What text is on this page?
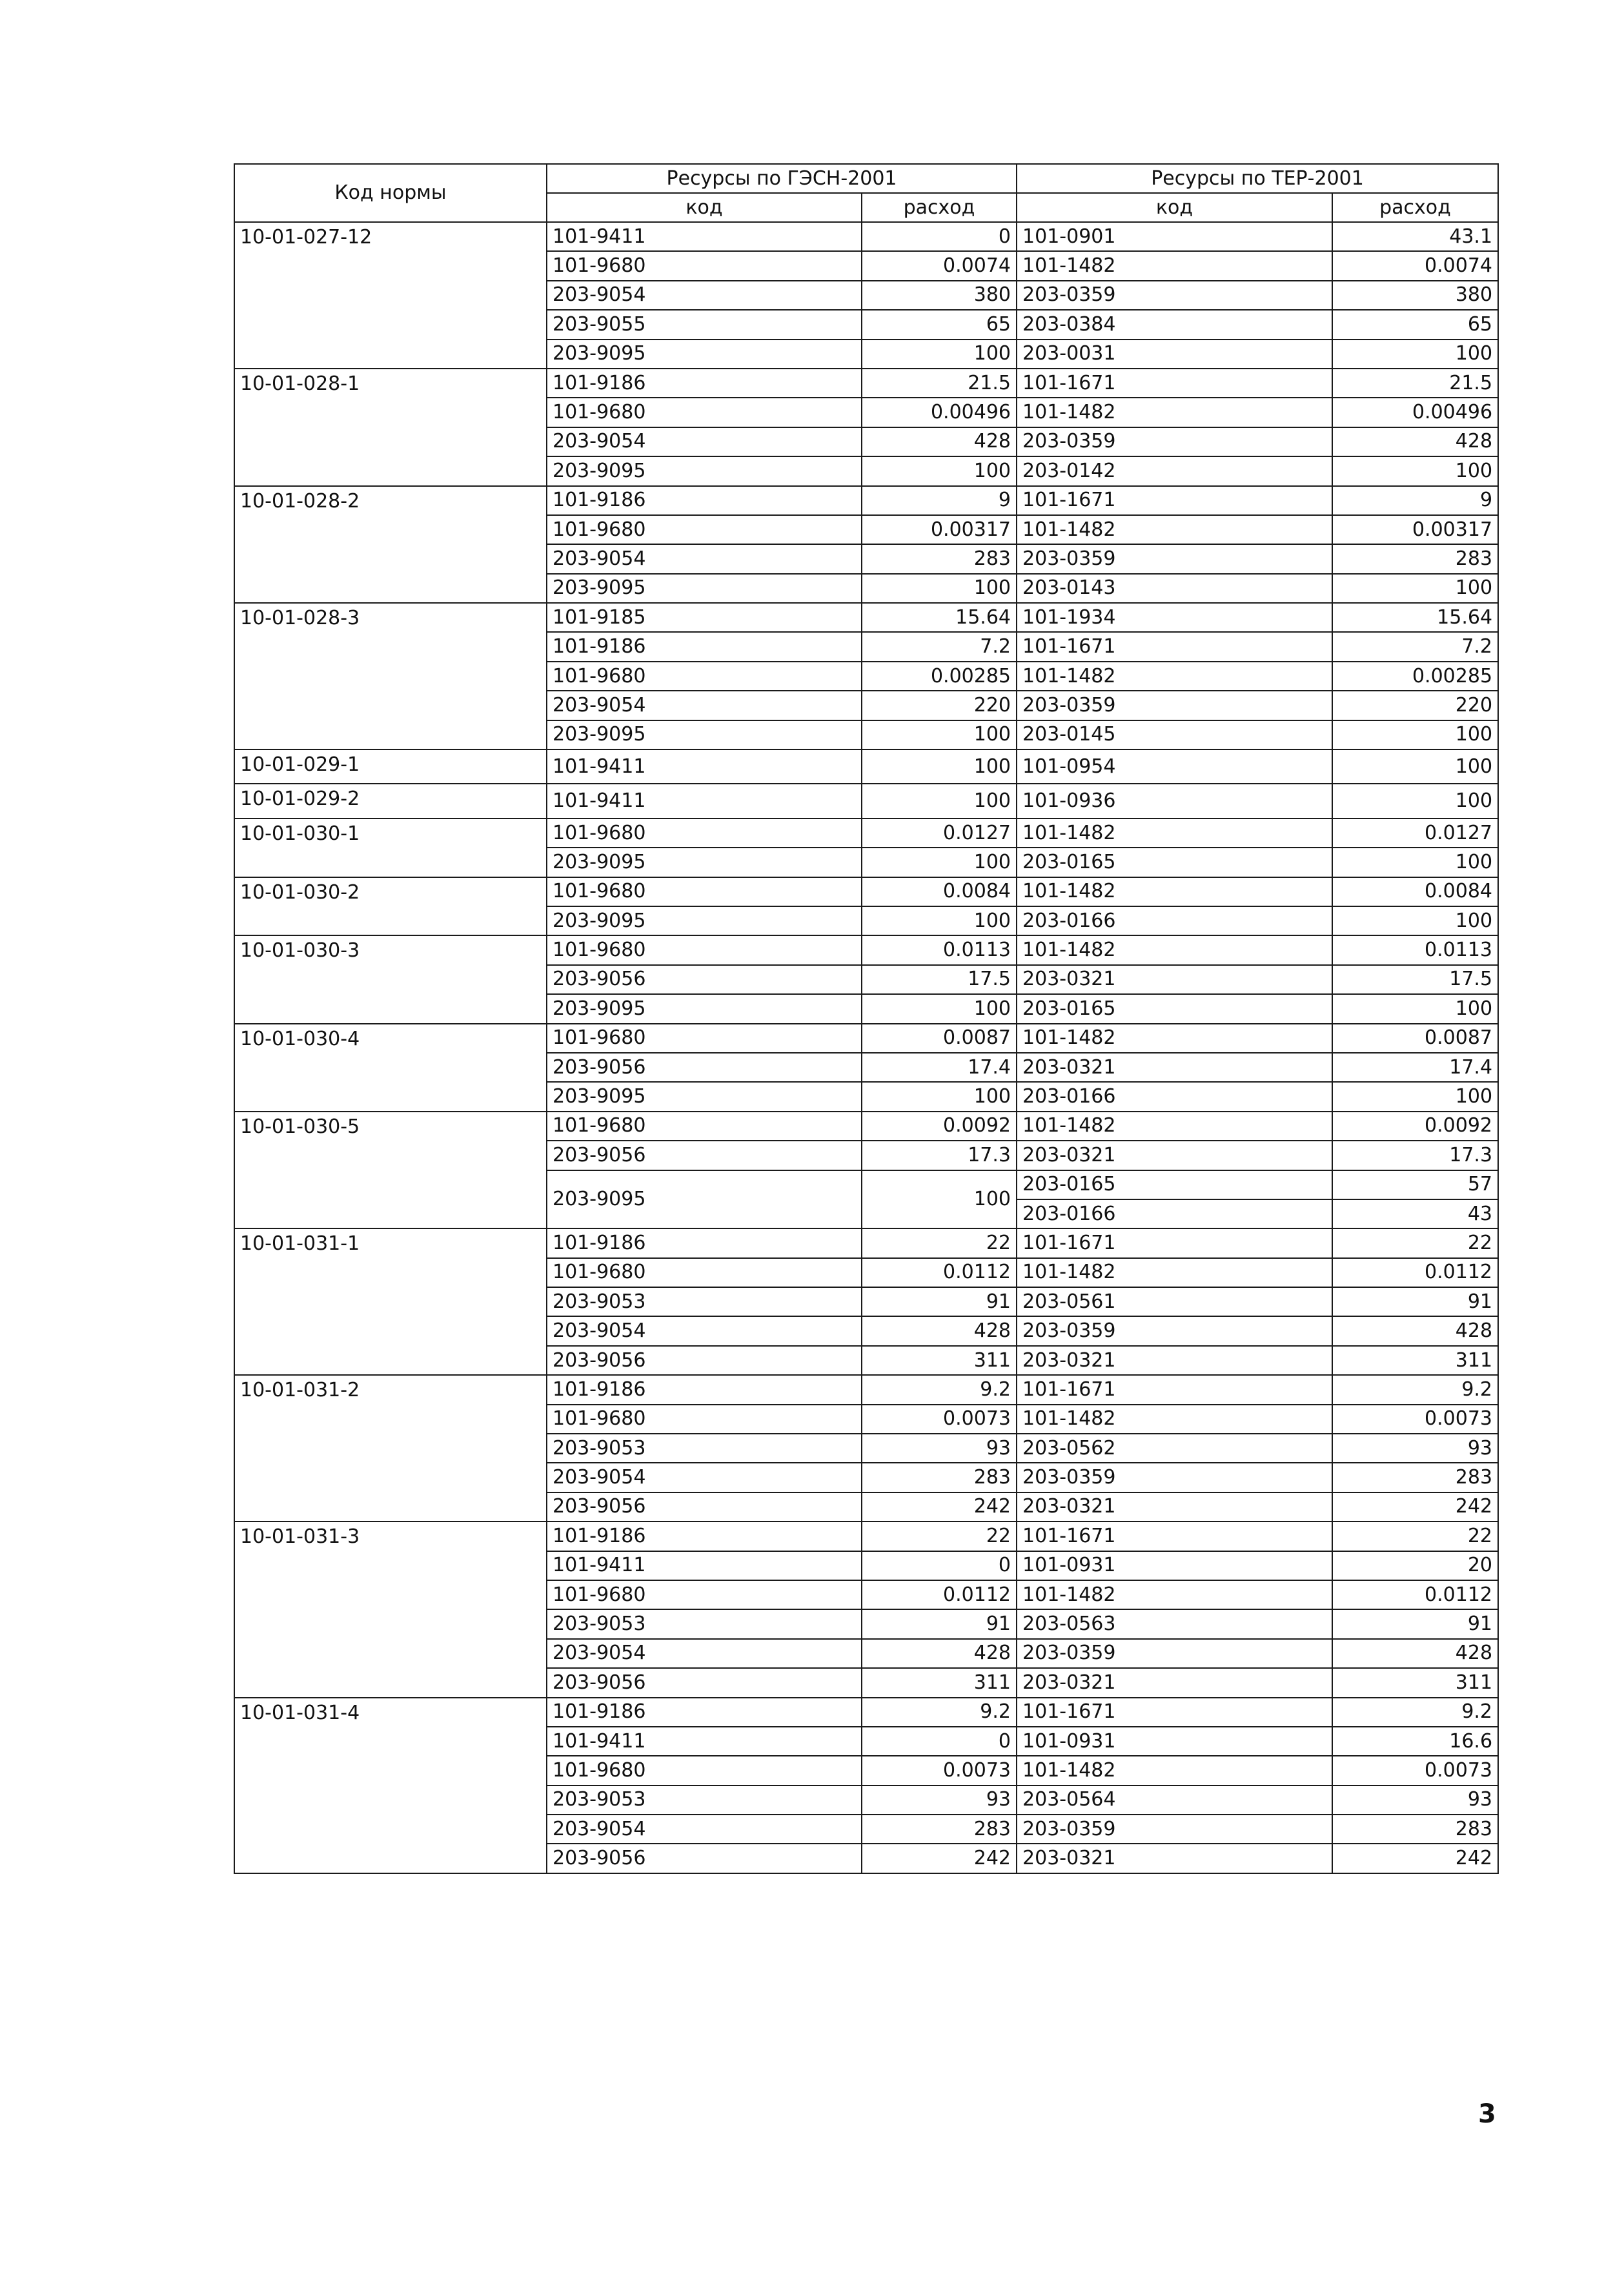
Код нормы	Ресурсы по ГЭСН-2001		Ресурсы по ТЕР-2001	
	код	расход	код	расход
10-01-027-12	101-9411	0	101-0901	43.1
	101-9680	0.0074	101-1482	0.0074
	203-9054	380	203-0359	380
	203-9055	65	203-0384	65
	203-9095	100	203-0031	100
10-01-028-1	101-9186	21.5	101-1671	21.5
	101-9680	0.00496	101-1482	0.00496
	203-9054	428	203-0359	428
	203-9095	100	203-0142	100
10-01-028-2	101-9186	9	101-1671	9
	101-9680	0.00317	101-1482	0.00317
	203-9054	283	203-0359	283
	203-9095	100	203-0143	100
10-01-028-3	101-9185	15.64	101-1934	15.64
	101-9186	7.2	101-1671	7.2
	101-9680	0.00285	101-1482	0.00285
	203-9054	220	203-0359	220
	203-9095	100	203-0145	100
10-01-029-1	101-9411	100	101-0954	100
10-01-029-2	101-9411	100	101-0936	100
10-01-030-1	101-9680	0.0127	101-1482	0.0127
	203-9095	100	203-0165	100
10-01-030-2	101-9680	0.0084	101-1482	0.0084
	203-9095	100	203-0166	100
10-01-030-3	101-9680	0.0113	101-1482	0.0113
	203-9056	17.5	203-0321	17.5
	203-9095	100	203-0165	100
10-01-030-4	101-9680	0.0087	101-1482	0.0087
	203-9056	17.4	203-0321	17.4
	203-9095	100	203-0166	100
10-01-030-5	101-9680	0.0092	101-1482	0.0092
	203-9056	17.3	203-0321	17.3
	203-9095	100	203-0165	57
			203-0166	43
10-01-031-1	101-9186	22	101-1671	22
	101-9680	0.0112	101-1482	0.0112
	203-9053	91	203-0561	91
	203-9054	428	203-0359	428
	203-9056	311	203-0321	311
10-01-031-2	101-9186	9.2	101-1671	9.2
	101-9680	0.0073	101-1482	0.0073
	203-9053	93	203-0562	93
	203-9054	283	203-0359	283
	203-9056	242	203-0321	242
10-01-031-3	101-9186	22	101-1671	22
	101-9411	0	101-0931	20
	101-9680	0.0112	101-1482	0.0112
	203-9053	91	203-0563	91
	203-9054	428	203-0359	428
	203-9056	311	203-0321	311
10-01-031-4	101-9186	9.2	101-1671	9.2
	101-9411	0	101-0931	16.6
	101-9680	0.0073	101-1482	0.0073
	203-9053	93	203-0564	93
	203-9054	283	203-0359	283
	203-9056	242	203-0321	242
3
